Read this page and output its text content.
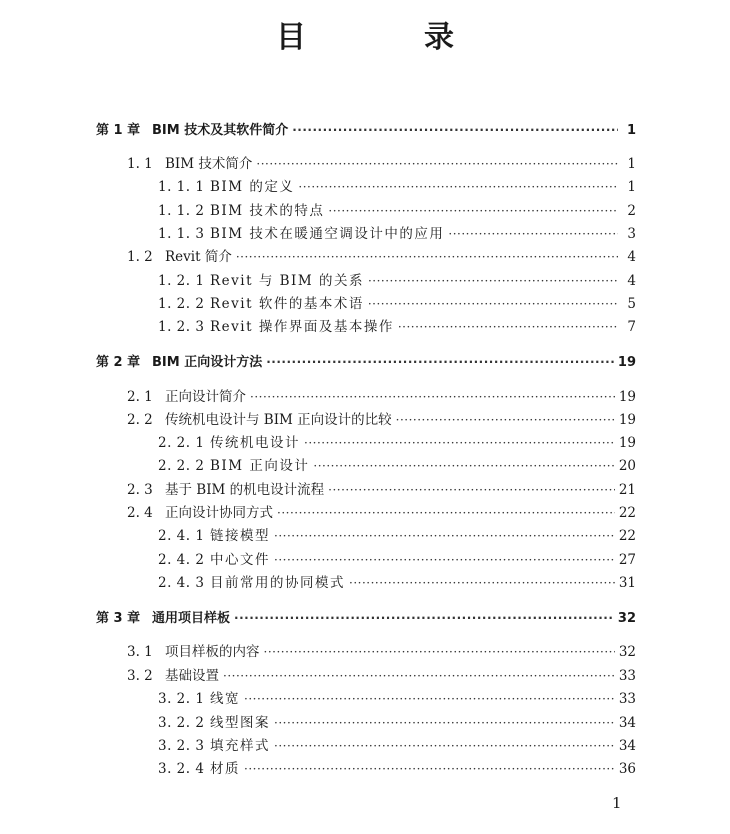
目　录
第 1 章 BIM 技术及其软件简介 ·····	1
1. 1 BIM 技术简介 ·····	1
1. 1. 1 BIM 的定义 ·····	1
1. 1. 2 BIM 技术的特点 ·····	2
1. 1. 3 BIM 技术在暖通空调设计中的应用 ·····	3
1. 2 Revit 简介 ·····	4
1. 2. 1 Revit 与 BIM 的关系 ·····	4
1. 2. 2 Revit 软件的基本术语 ·····	5
1. 2. 3 Revit 操作界面及基本操作 ·····	7
第 2 章 BIM 正向设计方法 ·····	19
2. 1 正向设计简介 ·····	19
2. 2 传统机电设计与 BIM 正向设计的比较 ·····	19
2. 2. 1 传统机电设计 ·····	19
2. 2. 2 BIM 正向设计 ·····	20
2. 3 基于 BIM 的机电设计流程 ·····	21
2. 4 正向设计协同方式 ·····	22
2. 4. 1 链接模型 ·····	22
2. 4. 2 中心文件 ·····	27
2. 4. 3 目前常用的协同模式 ·····	31
第 3 章 通用项目样板 ·····	32
3. 1 项目样板的内容 ·····	32
3. 2 基础设置 ·····	33
3. 2. 1 线宽 ·····	33
3. 2. 2 线型图案 ·····	34
3. 2. 3 填充样式 ·····	34
3. 2. 4 材质 ·····	36
1
